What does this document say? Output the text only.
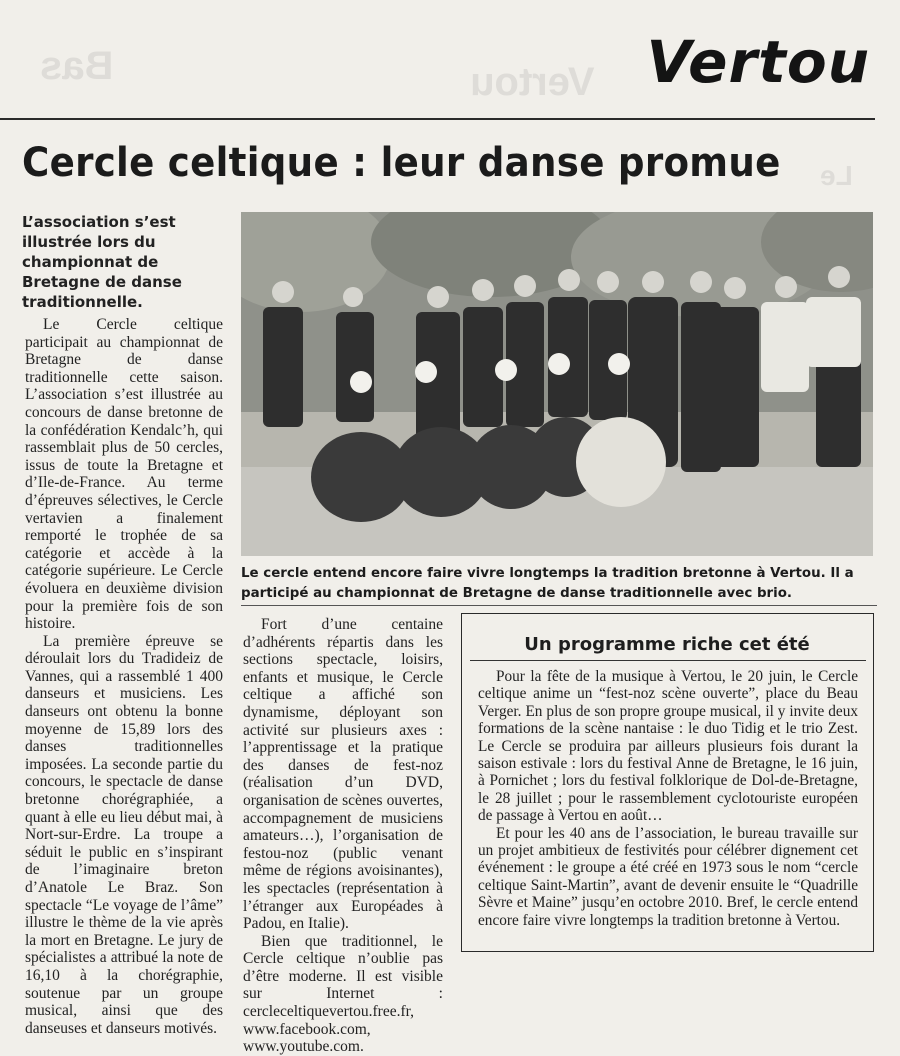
Bas	Vertou
Le
Vertou
Cercle celtique : leur danse promue

L’association s’est illustrée lors du championnat de Bretagne de danse traditionnelle.

Le Cercle celtique participait au championnat de Bretagne de danse traditionnelle cette saison. L’association s’est illustrée au concours de danse bretonne de la confédération Kendalc’h, qui rassemblait plus de 50 cercles, issus de toute la Bretagne et d’Ile-de-France. Au terme d’épreuves sélectives, le Cercle vertavien a finalement remporté le trophée de sa catégorie et accède à la catégorie supérieure. Le Cercle évoluera en deuxième division pour la première fois de son histoire.

La première épreuve se déroulait lors du Tradideiz de Vannes, qui a rassemblé 1 400 danseurs et musiciens. Les danseurs ont obtenu la bonne moyenne de 15,89 lors des danses traditionnelles imposées. La seconde partie du concours, le spectacle de danse bretonne chorégraphiée, a quant à elle eu lieu début mai, à Nort-sur-Erdre. La troupe a séduit le public en s’inspirant de l’imaginaire breton d’Anatole Le Braz. Son spectacle “Le voyage de l’âme” illustre le thème de la vie après la mort en Bretagne. Le jury de spécialistes a attribué la note de 16,10 à la chorégraphie, soutenue par un groupe musical, ainsi que des danseuses et danseurs motivés.

Le cercle entend encore faire vivre longtemps la tradition bretonne à Vertou. Il a participé au championnat de Bretagne de danse traditionnelle avec brio.

Fort d’une centaine d’adhérents répartis dans les sections spectacle, loisirs, enfants et musique, le Cercle celtique a affiché son dynamisme, déployant son activité sur plusieurs axes : l’apprentissage et la pratique des danses de fest-noz (réalisation d’un DVD, organisation de scènes ouvertes, accompagnement de musiciens amateurs…), l’organisation de festou-noz (public venant même de régions avoisinantes), les spectacles (représentation à l’étranger aux Européades à Padou, en Italie).

Bien que traditionnel, le Cercle celtique n’oublie pas d’être moderne. Il est visible sur Internet : cercleceltiquevertou.free.fr, www.facebook.com, www.youtube.com.

Un programme riche cet été

Pour la fête de la musique à Vertou, le 20 juin, le Cercle celtique anime un “fest-noz scène ouverte”, place du Beau Verger. En plus de son propre groupe musical, il y invite deux formations de la scène nantaise : le duo Tidig et le trio Zest. Le Cercle se produira par ailleurs plusieurs fois durant la saison estivale : lors du festival Anne de Bretagne, le 16 juin, à Pornichet ; lors du festival folklorique de Dol-de-Bretagne, le 28 juillet ; pour le rassemblement cyclotouriste européen de passage à Vertou en août…

Et pour les 40 ans de l’association, le bureau travaille sur un projet ambitieux de festivités pour célébrer dignement cet événement : le groupe a été créé en 1973 sous le nom “cercle celtique Saint-Martin”, avant de devenir ensuite le “Quadrille Sèvre et Maine” jusqu’en octobre 2010. Bref, le cercle entend encore faire vivre longtemps la tradition bretonne à Vertou.
